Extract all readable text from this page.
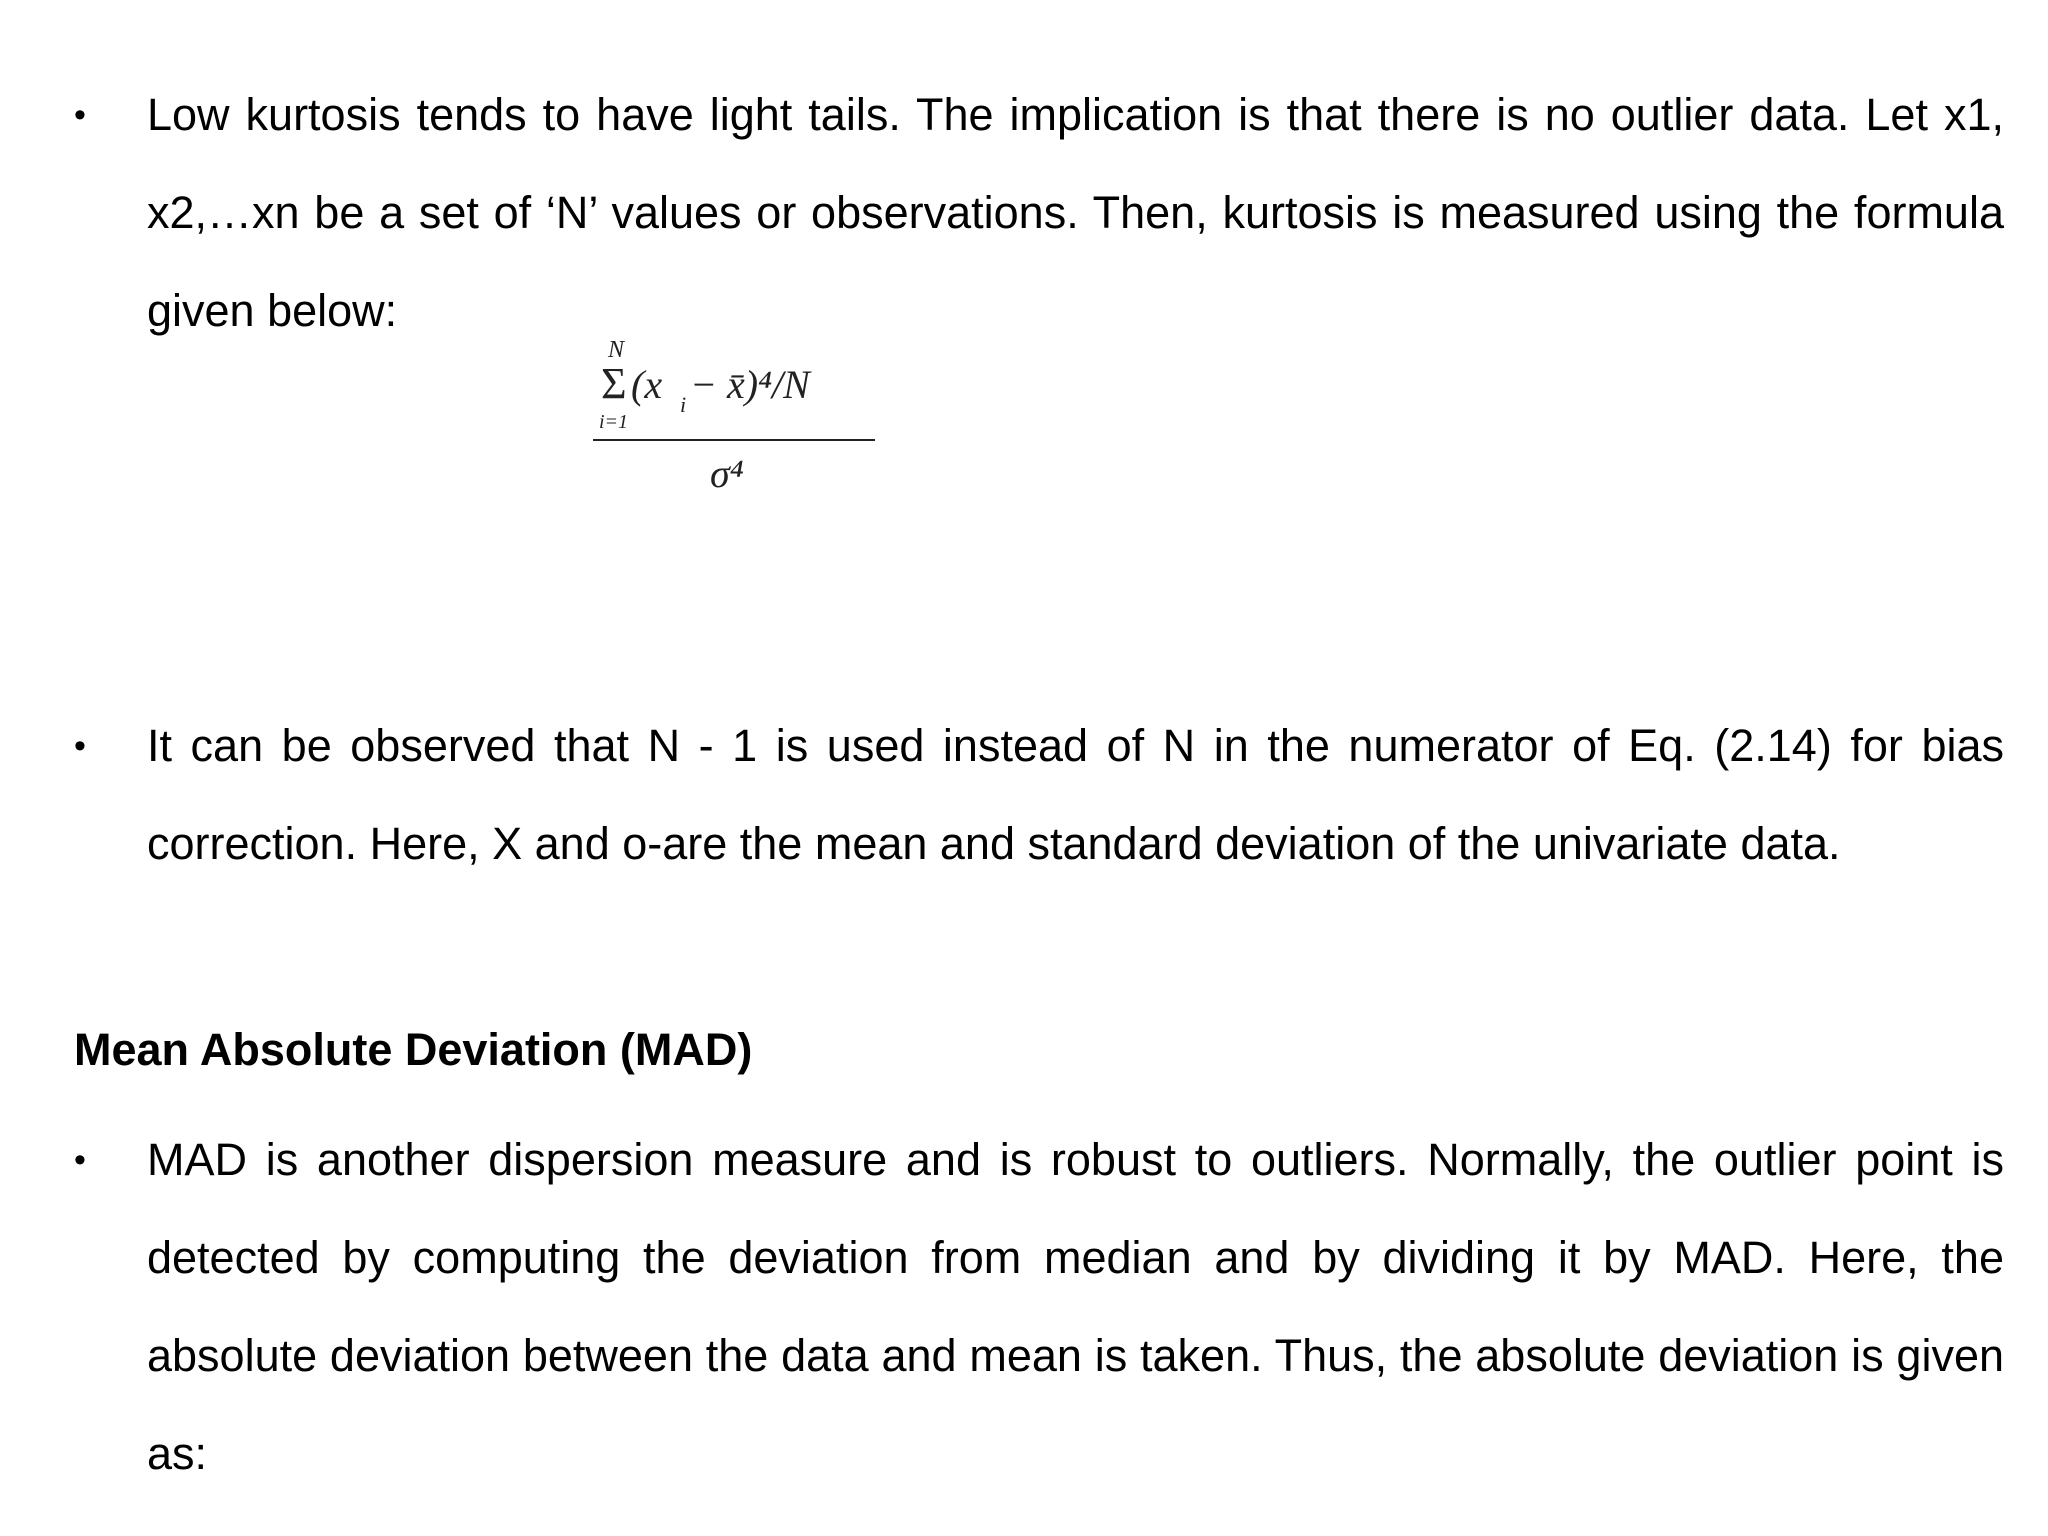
• Low kurtosis tends to have light tails. The implication is that there is no outlier data. Let x1, x2,…xn be a set of ‘N’ values or observations. Then, kurtosis is measured using the formula given below:
N
Σ (x i − x̄)⁴/N
i=1
σ⁴
• It can be observed that N - 1 is used instead of N in the numerator of Eq. (2.14) for bias correction. Here, X and o-are the mean and standard deviation of the univariate data.
Mean Absolute Deviation (MAD)
• MAD is another dispersion measure and is robust to outliers. Normally, the outlier point is detected by computing the deviation from median and by dividing it by MAD. Here, the absolute deviation between the data and mean is taken. Thus, the absolute deviation is given as:
